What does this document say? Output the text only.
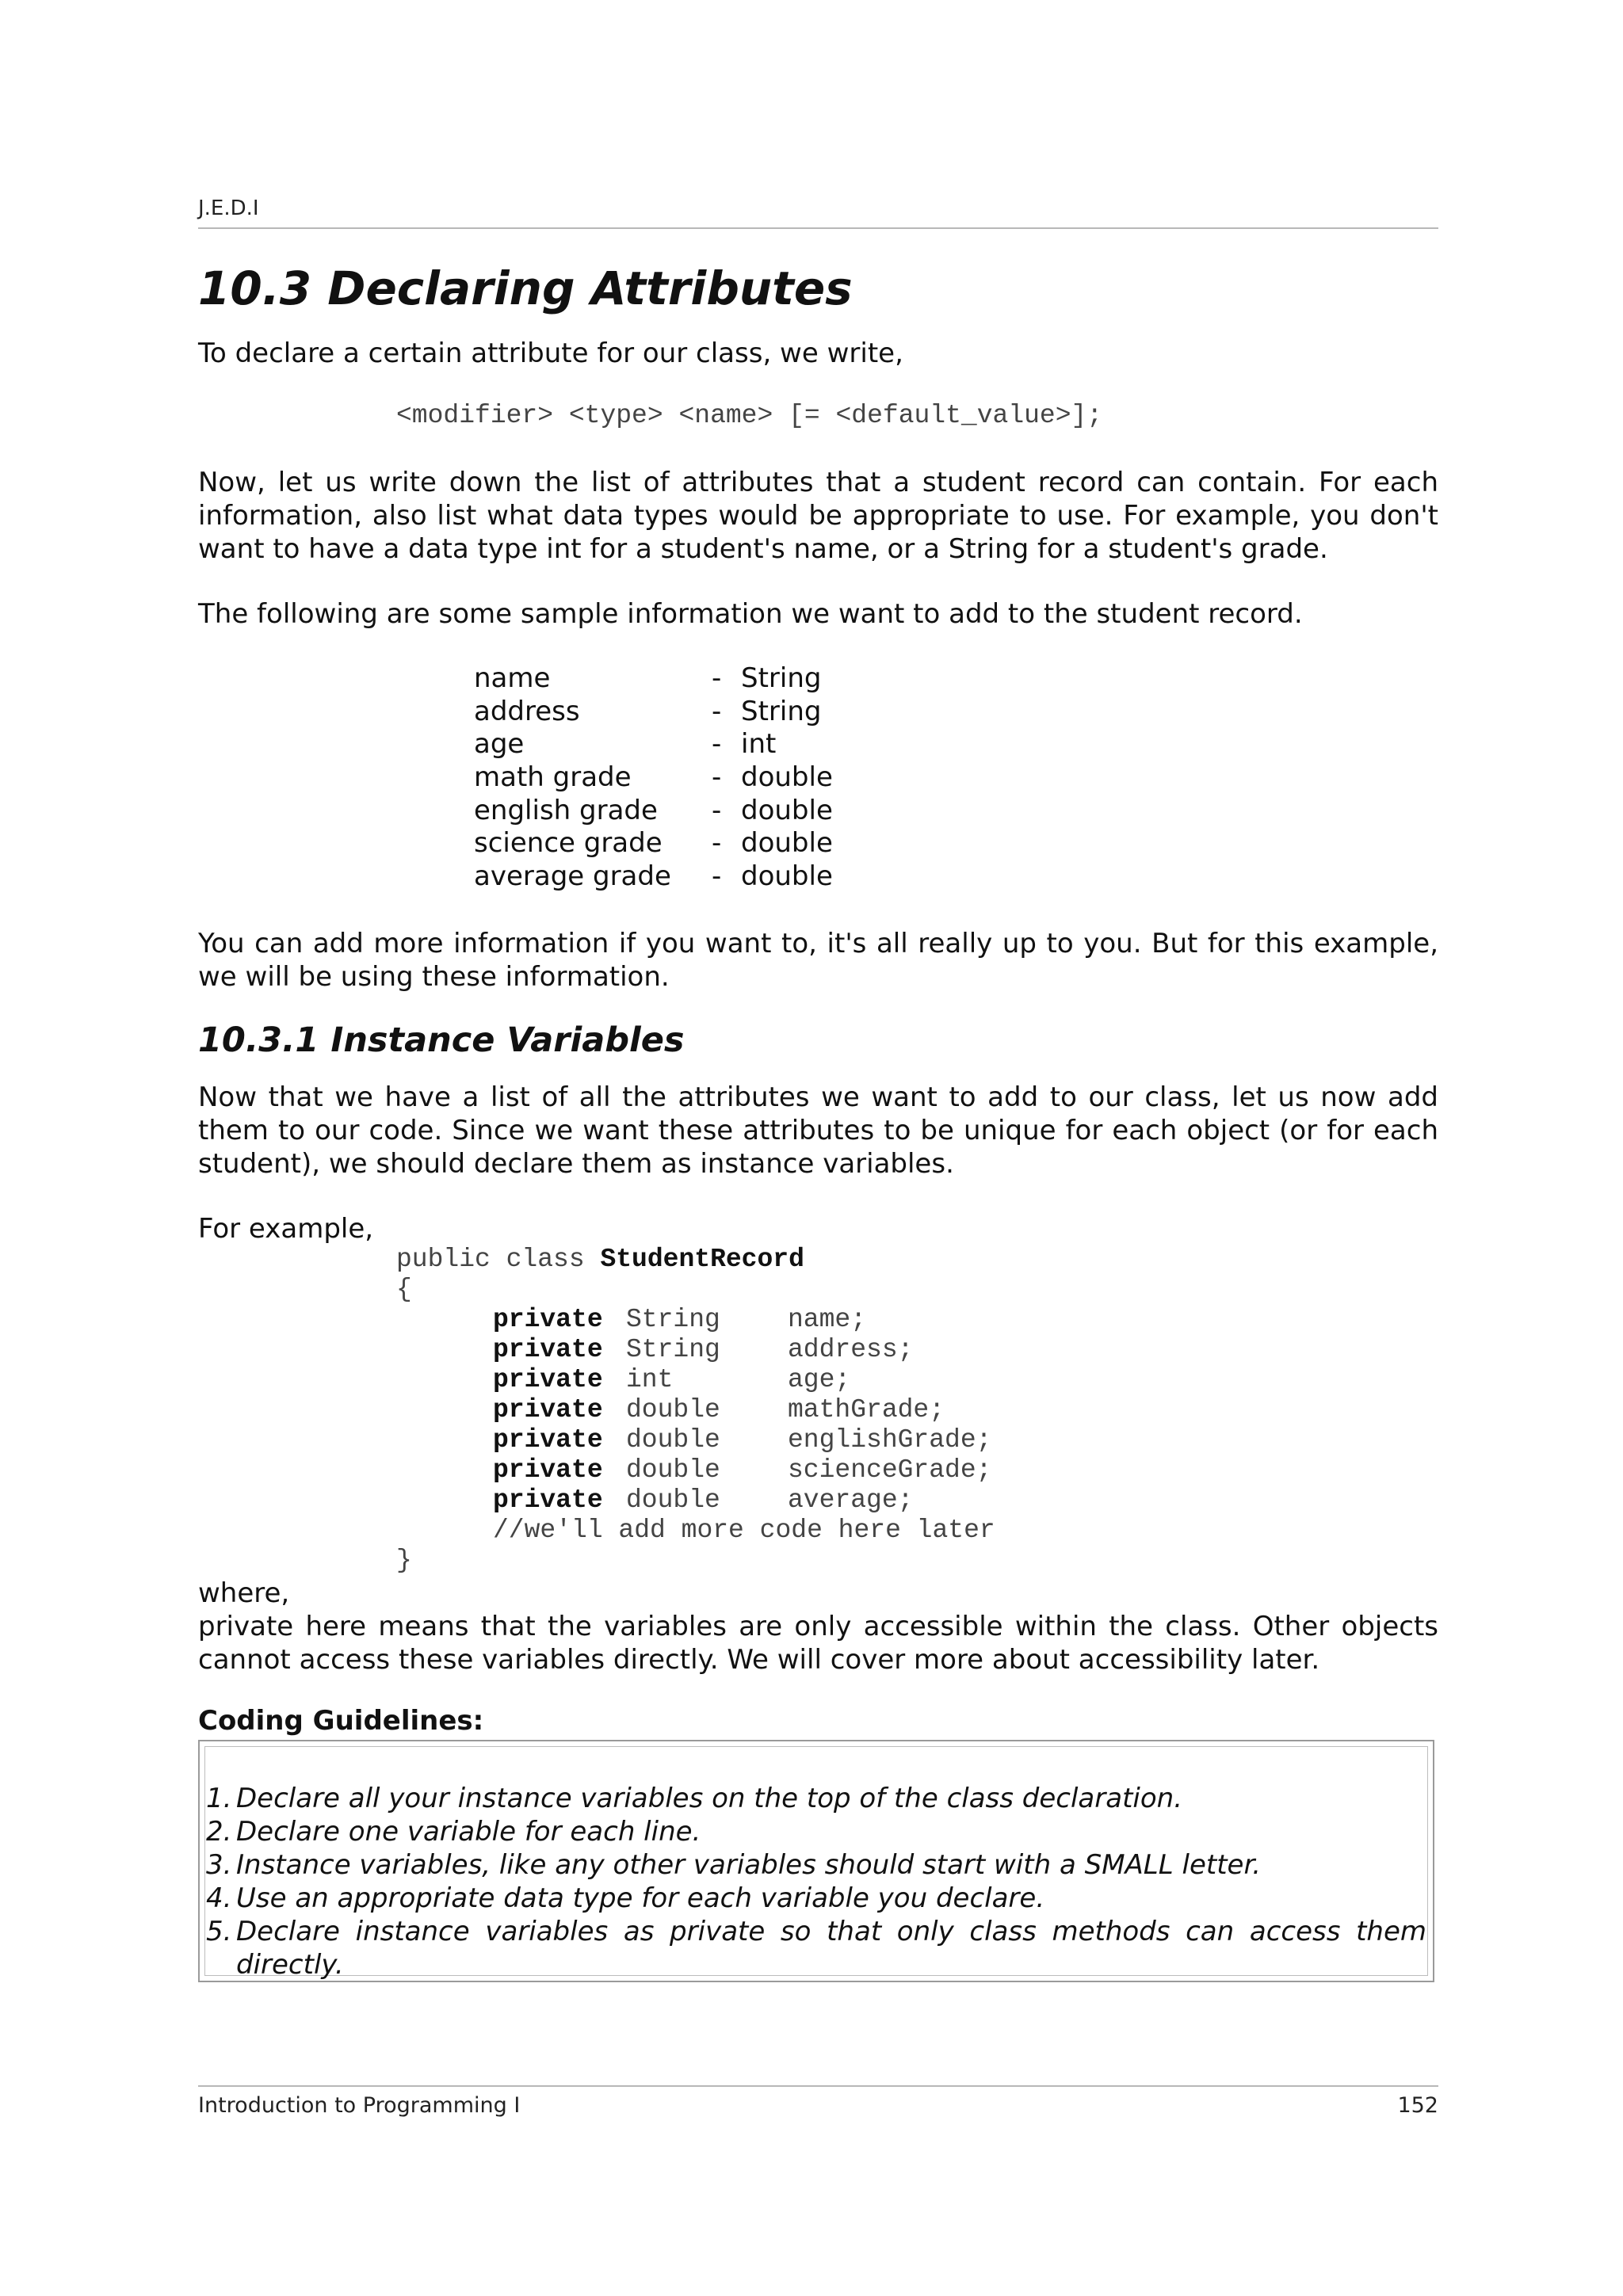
J.E.D.I
10.3 Declaring Attributes
To declare a certain attribute for our class, we write,
<modifier> <type> <name> [= <default_value>];
Now, let us write down the list of attributes that a student record can contain. For each information, also list what data types would be appropriate to use. For example, you don't want to have a data type int for a student's name, or a String for a student's grade.
The following are some sample information we want to add to the student record.
name	- String
address	- String
age	- int
math grade	- double
english grade	- double
science grade	- double
average grade	- double
You can add more information if you want to, it's all really up to you. But for this example, we will be using these information.
10.3.1 Instance Variables
Now that we have a list of all the attributes we want to add to our class, let us now add them to our code. Since we want these attributes to be unique for each object (or for each student), we should declare them as instance variables.
For example,
public class StudentRecord
{
private String	name;
private String	address;
private int	age;
private double	mathGrade;
private double	englishGrade;
private double	scienceGrade;
private double	average;
//we'll add more code here later
}
where,
private here means that the variables are only accessible within the class. Other objects cannot access these variables directly. We will cover more about accessibility later.
Coding Guidelines:
1. Declare all your instance variables on the top of the class declaration.
2. Declare one variable for each line.
3. Instance variables, like any other variables should start with a SMALL letter.
4. Use an appropriate data type for each variable you declare.
5. Declare instance variables as private so that only class methods can access them directly.
Introduction to Programming I	152
